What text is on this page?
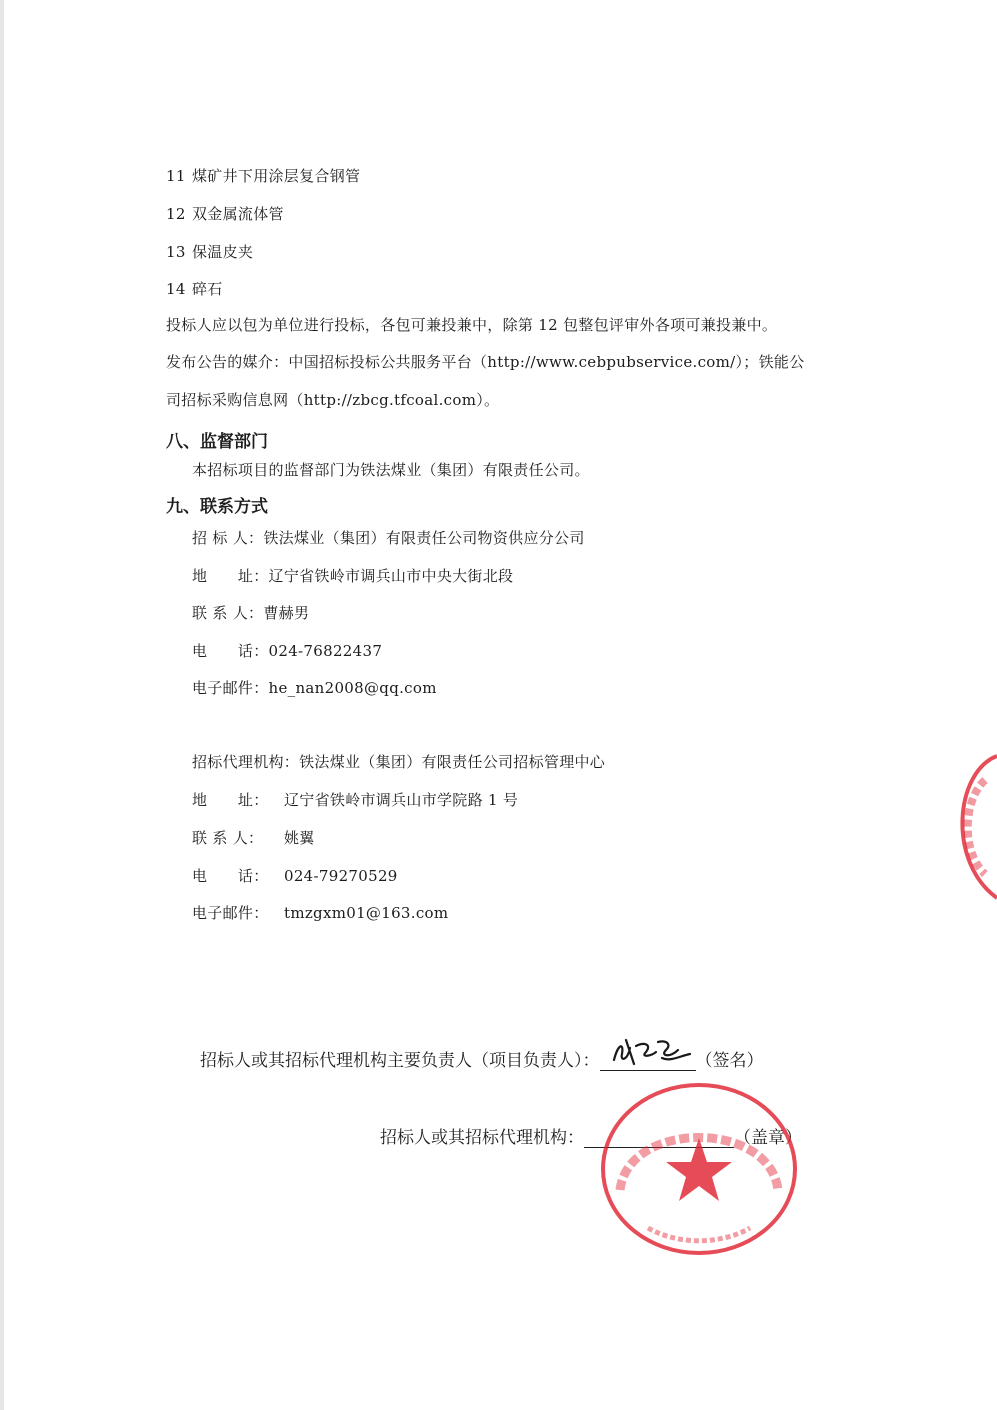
11 煤矿井下用涂层复合钢管
12 双金属流体管
13 保温皮夹
14 碎石
投标人应以包为单位进行投标，各包可兼投兼中，除第 12 包整包评审外各项可兼投兼中。
发布公告的媒介：中国招标投标公共服务平台（http://www.cebpubservice.com/）；铁能公
司招标采购信息网（http://zbcg.tfcoal.com）。
八、监督部门
本招标项目的监督部门为铁法煤业（集团）有限责任公司。
九、联系方式
招 标 人：铁法煤业（集团）有限责任公司物资供应分公司
地　　址：辽宁省铁岭市调兵山市中央大街北段
联 系 人：曹赫男
电　　话：024-76822437
电子邮件：he_nan2008@qq.com
招标代理机构：铁法煤业（集团）有限责任公司招标管理中心
地　　址： 辽宁省铁岭市调兵山市学院路 1 号
联 系 人： 姚翼
电　　话： 024-79270529
电子邮件： tmzgxm01@163.com
招标人或其招标代理机构主要负责人（项目负责人）：	（签名）
招标人或其招标代理机构：	（盖章）
